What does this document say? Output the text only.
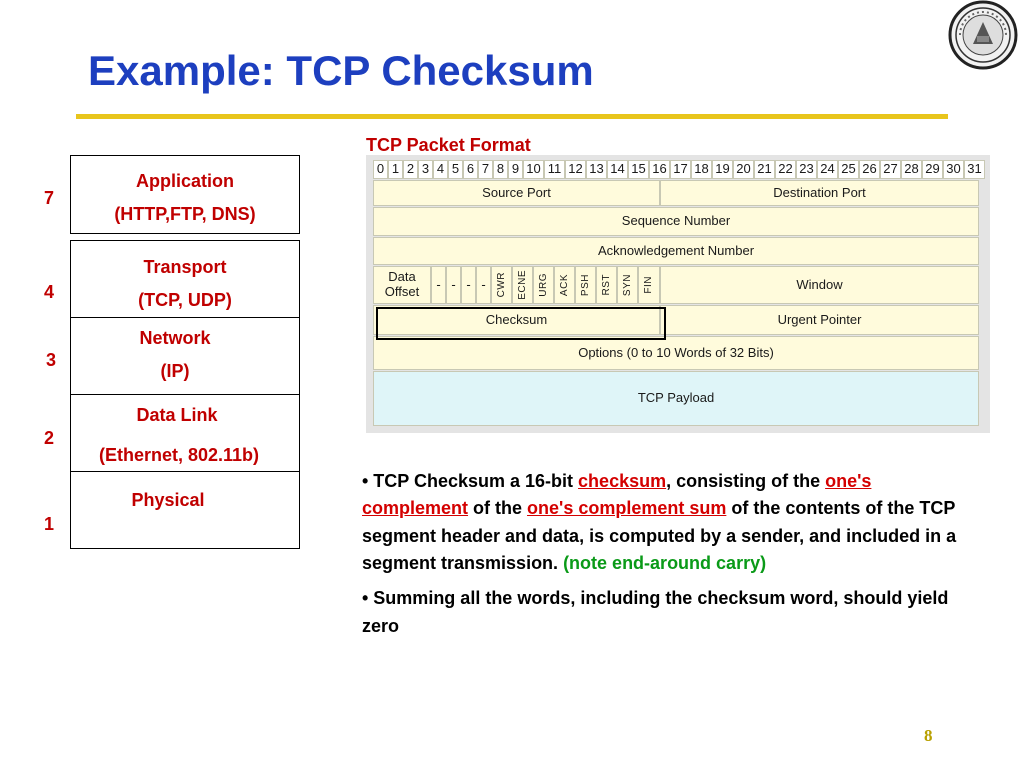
Example: TCP Checksum
Application
(HTTP,FTP, DNS)
7
Transport
(TCP, UDP)
4
Network
(IP)
3
Data Link
(Ethernet, 802.11b)
2
Physical
1
TCP Packet Format
0 1 2 3 4 5 6 7 8 9 10 11 12 13 14 15 16 17 18 19 20 21 22 23 24 25 26 27 28 29 30 31
Source Port	Destination Port
Sequence Number
Acknowledgement Number
Data
Offset	- - - -	CWR ECNE URG ACK PSH RST SYN FIN	Window
Checksum	Urgent Pointer
Options (0 to 10 Words of 32 Bits)
TCP Payload

• TCP Checksum a 16-bit checksum, consisting of the one's complement of the one's complement sum of the contents of the TCP segment header and data, is computed by a sender, and included in a segment transmission. (note end-around carry)

• Summing all the words, including the checksum word, should yield zero

8
